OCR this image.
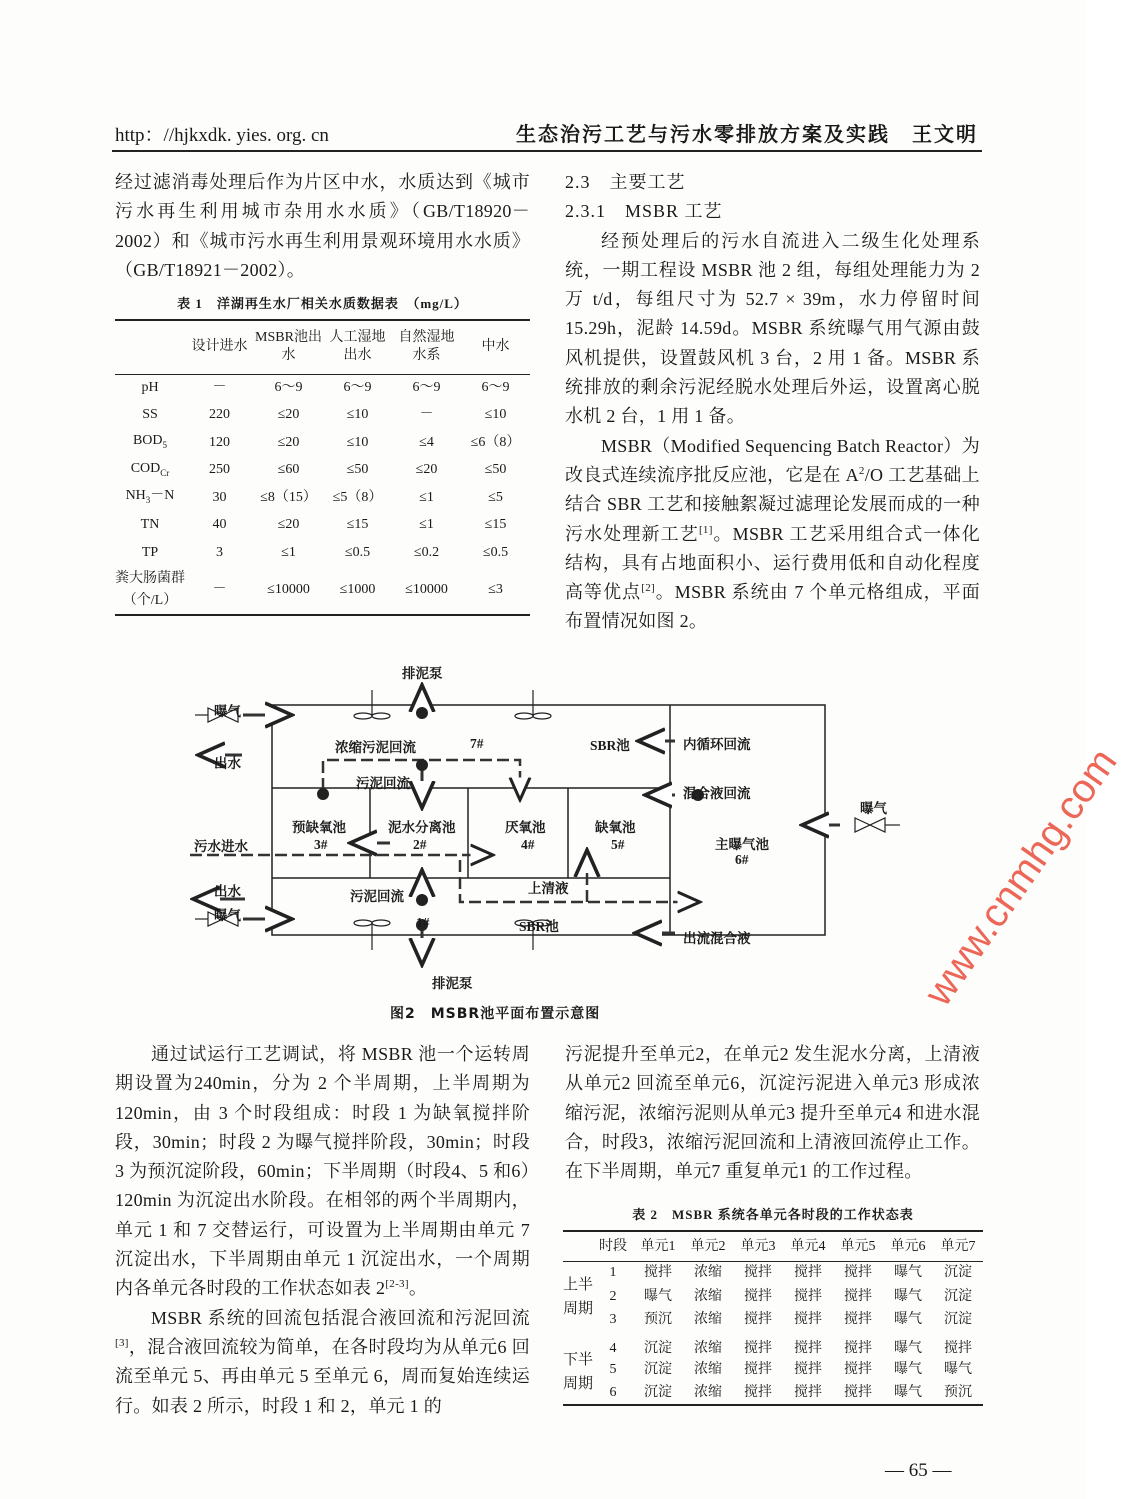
http：//hjkxdk. yies. org. cn	生态治污工艺与污水零排放方案及实践　王文明

经过滤消毒处理后作为片区中水，水质达到《城市污水再生利用城市杂用水水质》（GB/T18920－2002）和《城市污水再生利用景观环境用水水质》（GB/T18921－2002）。

表 1　洋湖再生水厂相关水质数据表　（mg/L）
	设计进水	MSBR池出水	人工湿地出水	自然湿地水系	中水
pH	－	6～9	6～9	6～9	6～9
SS	220	≤20	≤10	－	≤10
$BOD_5$	120	≤20	≤10	≤4	≤6（8）
$COD_{Cr}$	250	≤60	≤50	≤20	≤50
$NH_3-N$	30	≤8（15）	≤5（8）	≤1	≤5
TN	40	≤20	≤15	≤1	≤15
TP	3	≤1	≤0.5	≤0.2	≤0.5
粪大肠菌群（个/L）	－	≤10000	≤1000	≤10000	≤3
2.3　主要工艺
2.3.1　MSBR 工艺

经预处理后的污水自流进入二级生化处理系统，一期工程设 MSBR 池 2 组，每组处理能力为 2 万 t/d，每组尺寸为 52.7 × 39m，水力停留时间 15.29h，泥龄 14.59d。MSBR 系统曝气用气源由鼓风机提供，设置鼓风机 3 台，2 用 1 备。MSBR 系统排放的剩余污泥经脱水处理后外运，设置离心脱水机 2 台，1 用 1 备。

MSBR（Modified Sequencing Batch Reactor）为改良式连续流序批反应池，它是在 $A^2/O$ 工艺基础上结合 SBR 工艺和接触絮凝过滤理论发展而成的一种污水处理新工艺[1]。MSBR 工艺采用组合式一体化结构，具有占地面积小、运行费用低和自动化程度高等优点[2]。MSBR 系统由 7 个单元格组成，平面布置情况如图 2。

排泥泵
曝气
浓缩污泥回流	7#	SBR池	内循环回流
出水
污泥回流
混合液回流
曝气
预缺氧池	泥水分离池	厌氧池	缺氧池
主曝气池
3#	2#	4#	5#
6#
污水进水
出水	上清液
污泥回流
曝气	1#	SBR池
出流混合液
排泥泵
图2　MSBR池平面布置示意图
www.cnmhg.com

通过试运行工艺调试，将 MSBR 池一个运转周期设置为240min，分为 2 个半周期，上半周期为120min，由 3 个时段组成：时段 1 为缺氧搅拌阶段，30min；时段 2 为曝气搅拌阶段，30min；时段3 为预沉淀阶段，60min；下半周期（时段4、5 和6）120min 为沉淀出水阶段。在相邻的两个半周期内，单元 1 和 7 交替运行，可设置为上半周期由单元 7 沉淀出水，下半周期由单元 1 沉淀出水，一个周期内各单元各时段的工作状态如表 2[2-3]。

MSBR 系统的回流包括混合液回流和污泥回流[3]，混合液回流较为简单，在各时段均为从单元6 回流至单元 5、再由单元 5 至单元 6，周而复始连续运行。如表 2 所示，时段 1 和 2，单元 1 的

污泥提升至单元2，在单元2 发生泥水分离，上清液从单元2 回流至单元6，沉淀污泥进入单元3 形成浓缩污泥，浓缩污泥则从单元3 提升至单元4 和进水混合，时段3，浓缩污泥回流和上清液回流停止工作。在下半周期，单元7 重复单元1 的工作过程。

表 2　MSBR 系统各单元各时段的工作状态表
	时段	单元1	单元2	单元3	单元4	单元5	单元6	单元7
上半周期	1	搅拌	浓缩	搅拌	搅拌	搅拌	曝气	沉淀
	2	曝气	浓缩	搅拌	搅拌	搅拌	曝气	沉淀
	3	预沉	浓缩	搅拌	搅拌	搅拌	曝气	沉淀
下半周期	4	沉淀	浓缩	搅拌	搅拌	搅拌	曝气	搅拌
	5	沉淀	浓缩	搅拌	搅拌	搅拌	曝气	曝气
	6	沉淀	浓缩	搅拌	搅拌	搅拌	曝气	预沉
— 65 —
